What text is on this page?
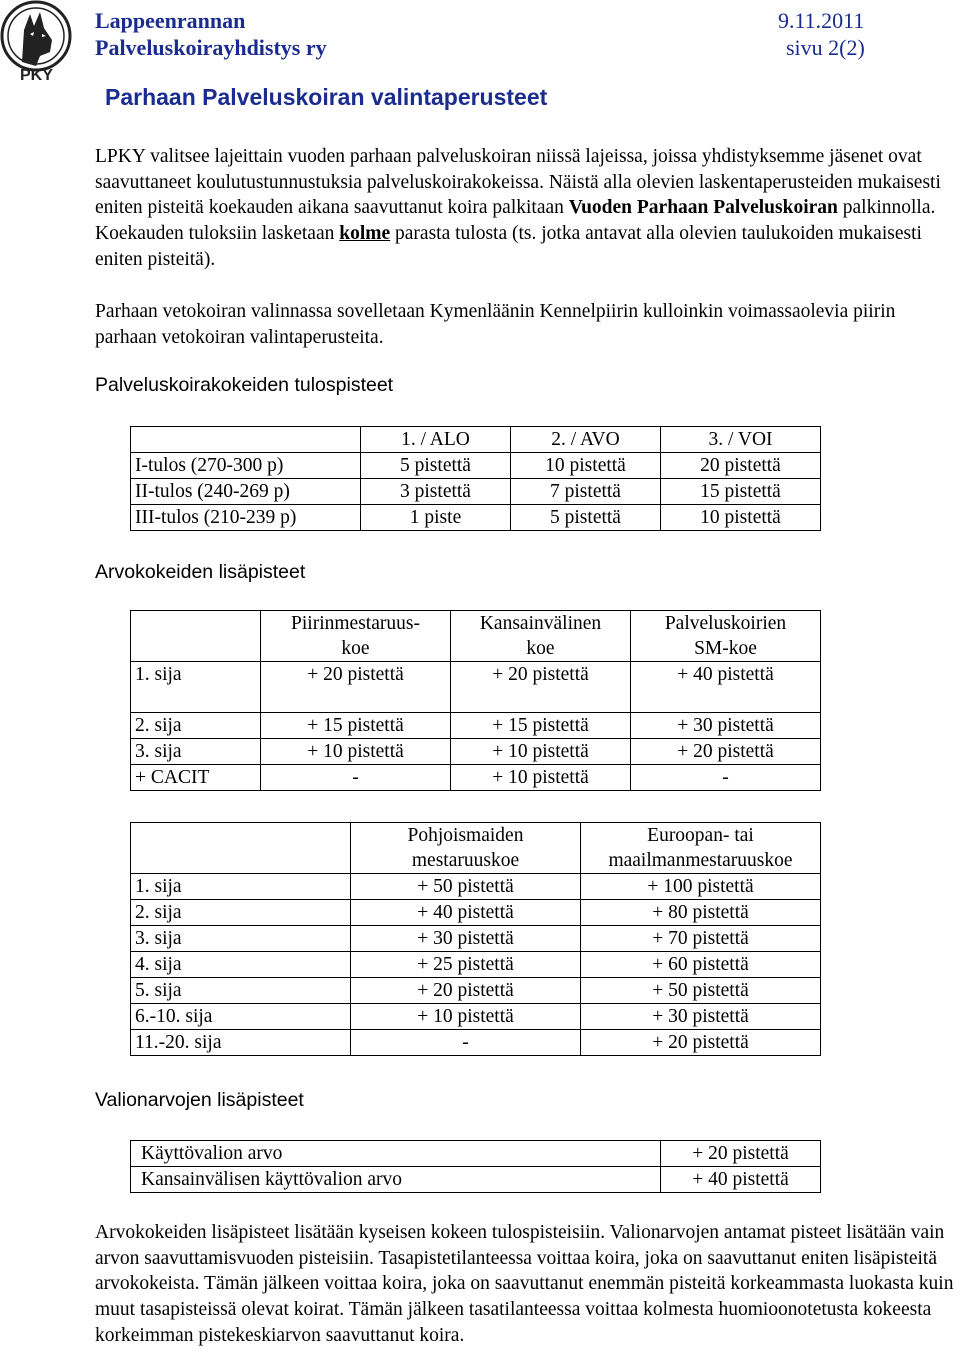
PKY
Lappeenrannan
Palveluskoirayhdistys ry
9.11.2011
sivu 2(2)
Parhaan Palveluskoiran valintaperusteet

LPKY valitsee lajeittain vuoden parhaan palveluskoiran niissä lajeissa, joissa yhdistyksemme jäsenet ovat saavuttaneet koulutustunnustuksia palveluskoirakokeissa. Näistä alla olevien laskentaperusteiden mukaisesti eniten pisteitä koekauden aikana saavuttanut koira palkitaan Vuoden Parhaan Palveluskoiran palkinnolla. Koekauden tuloksiin lasketaan kolme parasta tulosta (ts. jotka antavat alla olevien taulukoiden mukaisesti eniten pisteitä).

Parhaan vetokoiran valinnassa sovelletaan Kymenläänin Kennelpiirin kulloinkin voimassaolevia piirin parhaan vetokoiran valintaperusteita.

Palveluskoirakokeiden tulospisteet
	1. / ALO	2. / AVO	3. / VOI
I-tulos (270-300 p)	5 pistettä	10 pistettä	20 pistettä
II-tulos (240-269 p)	3 pistettä	7 pistettä	15 pistettä
III-tulos (210-239 p)	1 piste	5 pistettä	10 pistettä
Arvokokeiden lisäpisteet
	Piirinmestaruus-	Kansainvälinen	Palveluskoirien
	koe	koe	SM-koe
1. sija	+ 20 pistettä	+ 20 pistettä	+ 40 pistettä

2. sija	+ 15 pistettä	+ 15 pistettä	+ 30 pistettä
3. sija	+ 10 pistettä	+ 10 pistettä	+ 20 pistettä
+ CACIT	-	+ 10 pistettä	-
	Pohjoismaiden	Euroopan- tai
	mestaruuskoe	maailmanmestaruuskoe
1. sija	+ 50 pistettä	+ 100 pistettä
2. sija	+ 40 pistettä	+ 80 pistettä
3. sija	+ 30 pistettä	+ 70 pistettä
4. sija	+ 25 pistettä	+ 60 pistettä
5. sija	+ 20 pistettä	+ 50 pistettä
6.-10. sija	+ 10 pistettä	+ 30 pistettä
11.-20. sija	-	+ 20 pistettä
Valionarvojen lisäpisteet
Käyttövalion arvo	+ 20 pistettä
Kansainvälisen käyttövalion arvo	+ 40 pistettä

Arvokokeiden lisäpisteet lisätään kyseisen kokeen tulospisteisiin. Valionarvojen antamat pisteet lisätään vain arvon saavuttamisvuoden pisteisiin. Tasapistetilanteessa voittaa koira, joka on saavuttanut eniten lisäpisteitä arvokokeista. Tämän jälkeen voittaa koira, joka on saavuttanut enemmän pisteitä korkeammasta luokasta kuin muut tasapisteissä olevat koirat. Tämän jälkeen tasatilanteessa voittaa kolmesta huomioonotetusta kokeesta korkeimman pistekeskiarvon saavuttanut koira.
